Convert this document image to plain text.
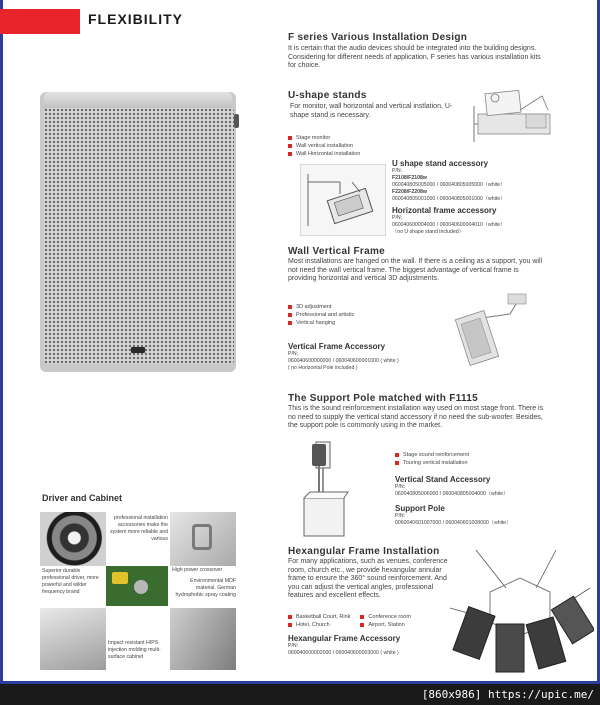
FLEXIBILITY
F series Various Installation Design
It is certain that the audio devices should be integrated into the building designs. Considering for different needs of application, F series has various installation kits for choice.
U-shape stands
For monitor, wall horizontal and vertical instlation, U-shape stand is necessary.
Stage monitor
Wall vertical installation
Wall Horizontal installation
U shape stand accessory
P/N:
F2108/F2108w
060040805005000 / 060040805005000（white）
F2208/F2208w
060040805001000 / 060040805001000（white）
Horizontal frame accessory
P/N:
060040600004000 / 060040600004010（white）
（no U shape stand included）
Wall Vertical Frame
Most installations are hanged on the wall. If there is a ceiling as a support, you will not need the wall vertical frame. The biggest advantage of vertical frame is providing horizontal and vertical 3D adjustments.
3D adjustment
Professional and artistic
Vertical hanging
Vertical Frame Accessory
P/N:
060040600000000 / 060040600001000 ( white )
( no Horizontal Pole included )
The Support Pole matched with F1115
This is the sound reinforcement installation way used on most stage front. There is no need to supply the vertical stand accessory if no need the sub-woofer. Besides, the support pole is commonly using in the market.
Stage sound reinforcement
Touring vertical installation
Vertical Stand Accessory
P/N:
060040805006000 / 060040805004000（white）
Support Pole
P/N:
0060040601007000 / 060040601008000（white）
Hexangular Frame Installation
For many applications, such as venues, conference room, church etc., we provide hexangular annular frame to ensure the 360° sound reinforcement. And you can adjust the vertical angles, professional features and excellent effects.
Basketball Court, Rink
Hotel, Church
Conference room
Airport, Station
Hexangular Frame Accessory
P/N:
060040600002000 / 060040600003000 ( white )
Driver and Cabinet
professional installation accessories make the system more reliable and various
Superior durable professional driver, more powerful and wilder frequency brand
High power crossover
Environmental MDF material. German hydrophobic spray coating
Impact resistant HIPS injection molding multi-surface cabinet
[860x986] https://upic.me/
